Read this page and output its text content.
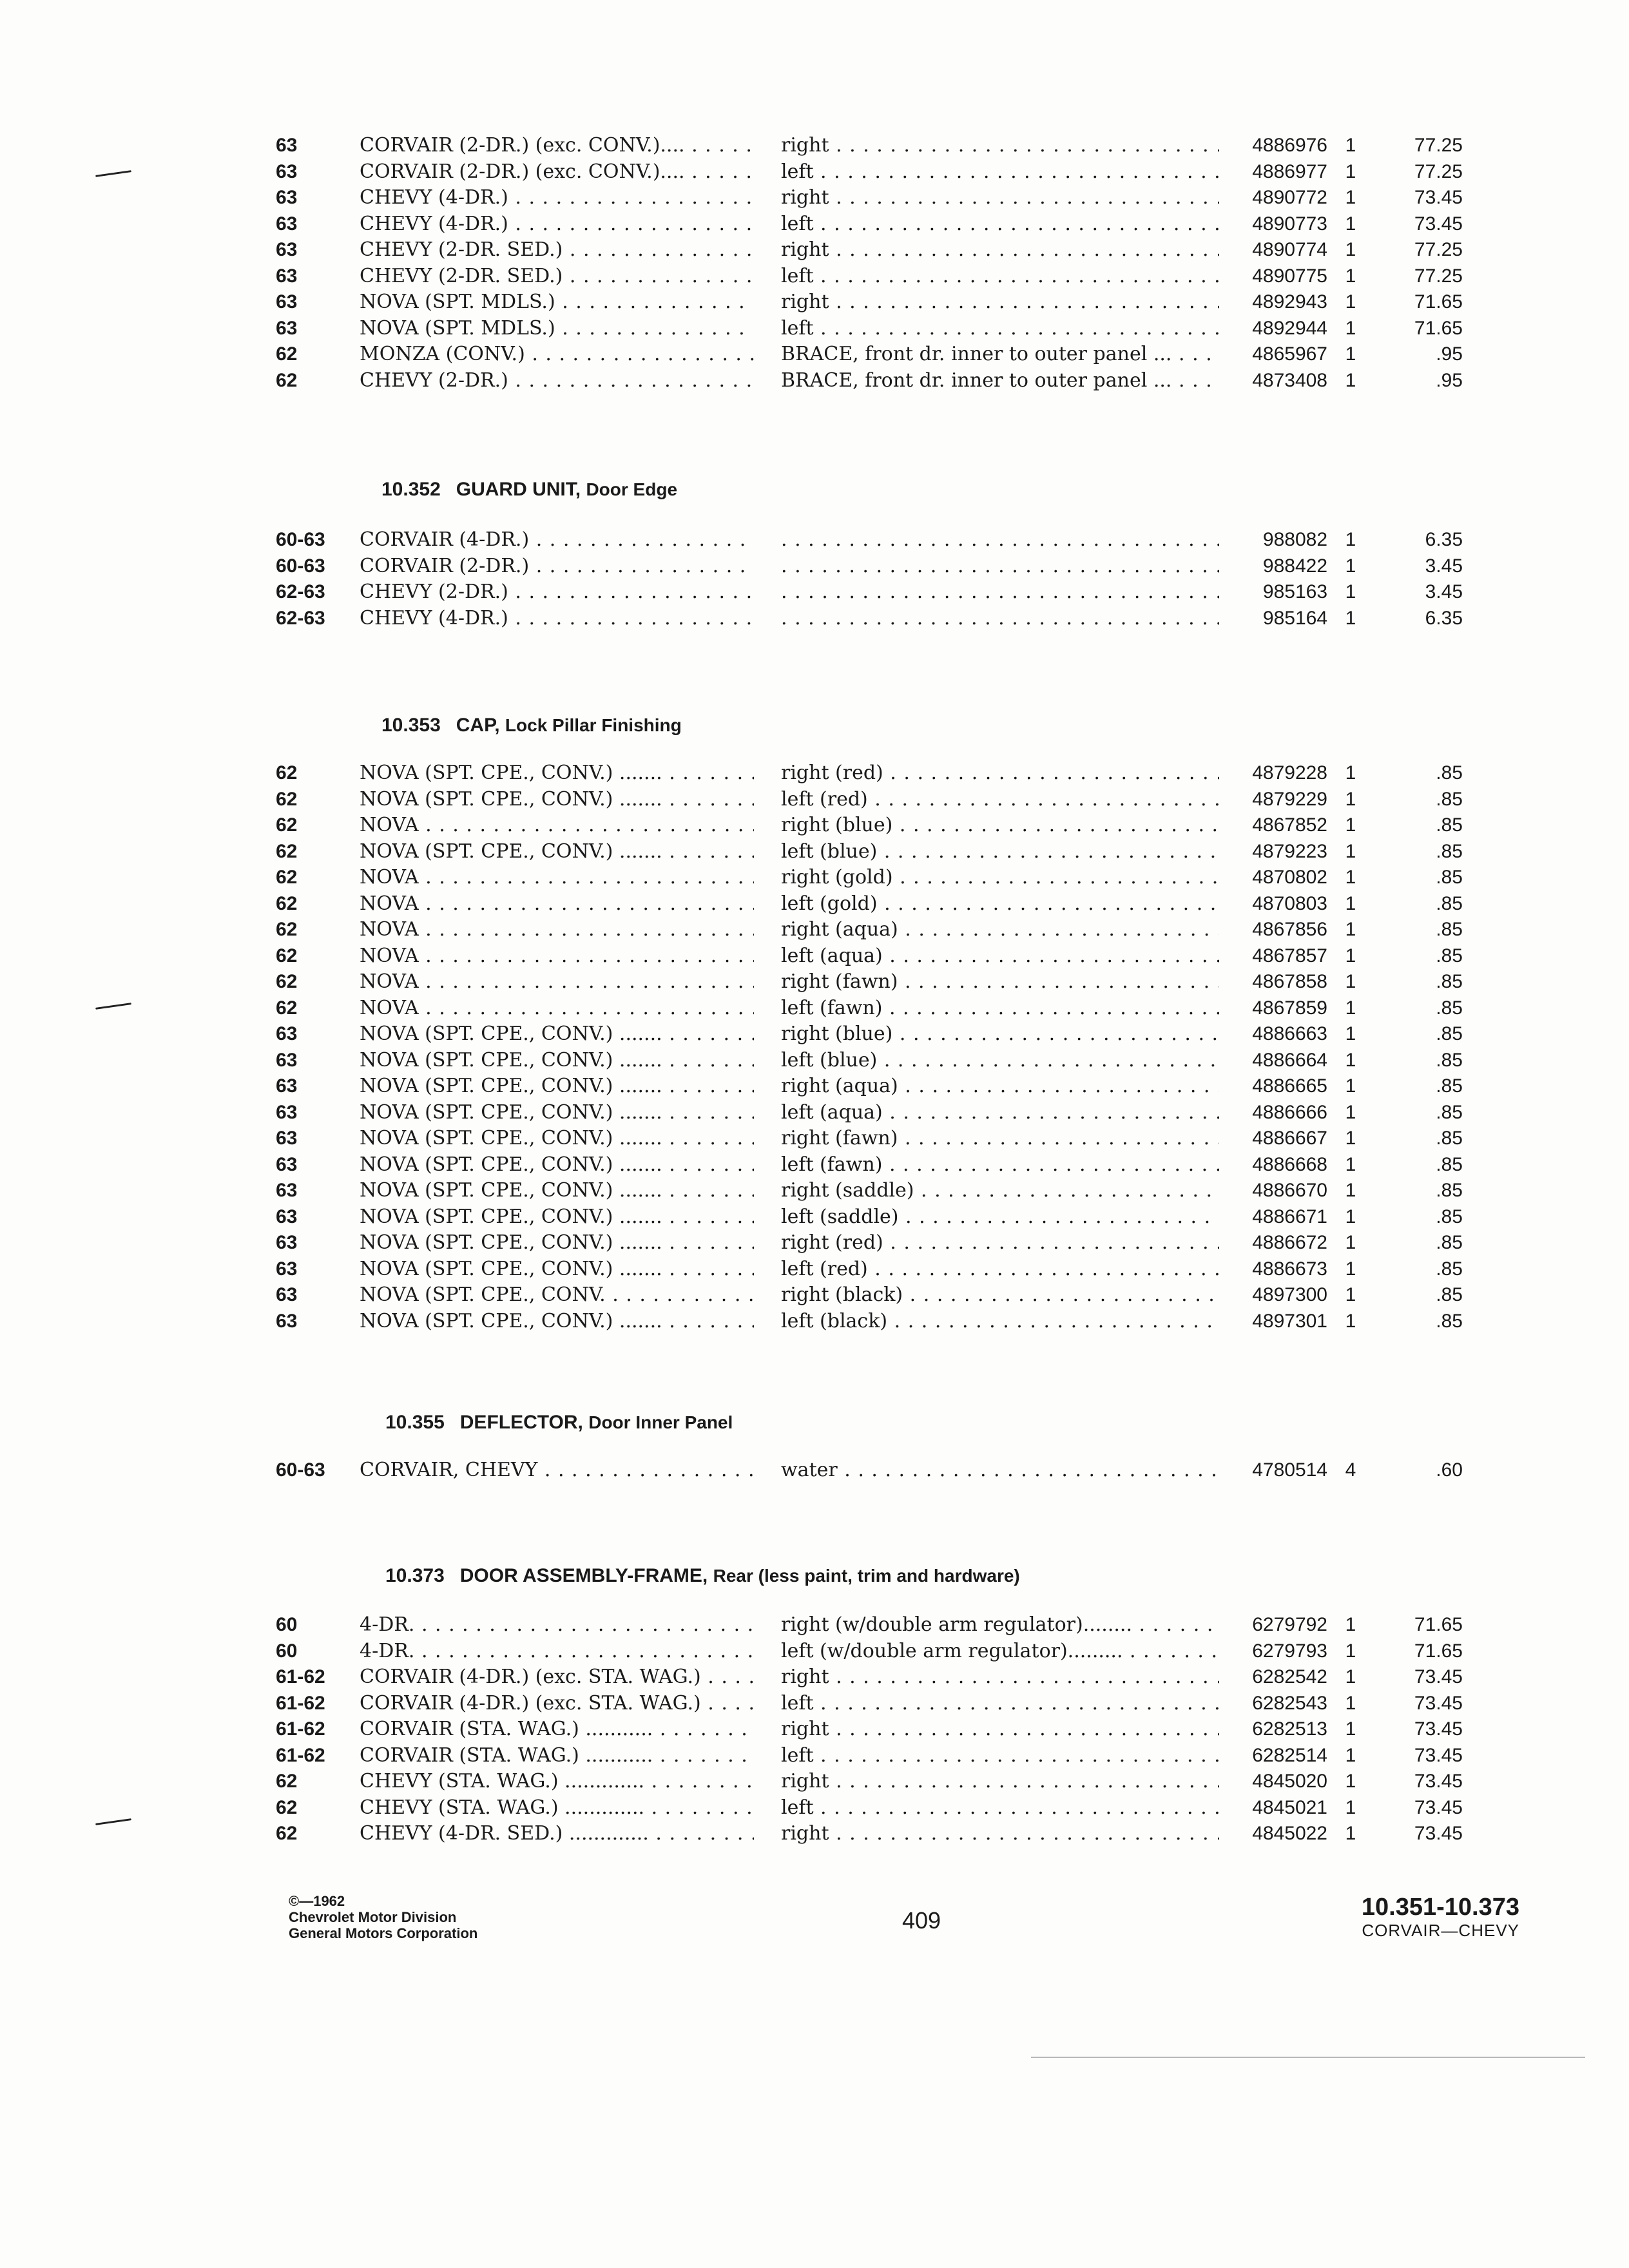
63	CORVAIR (2-DR.) (exc. CONV.).... . . .	right . . .	4886976 1	77.25
63	CORVAIR (2-DR.) (exc. CONV.).... . . .	left . . .	4886977 1	77.25
63	CHEVY (4-DR.) . . .	right . . .	4890772 1	73.45
63	CHEVY (4-DR.) . . .	left . . .	4890773 1	73.45
63	CHEVY (2-DR. SED.) . . .	right . . .	4890774 1	77.25
63	CHEVY (2-DR. SED.) . . .	left . . .	4890775 1	77.25
63	NOVA (SPT. MDLS.) . . .	right . . .	4892943 1	71.65
63	NOVA (SPT. MDLS.) . . .	left . . .	4892944 1	71.65
62	MONZA (CONV.) . . .	BRACE, front dr. inner to outer panel ... . . .	4865967 1	.95
62	CHEVY (2-DR.) . . .	BRACE, front dr. inner to outer panel ... . . .	4873408 1	.95
10.352 GUARD UNIT, Door Edge
60-63	CORVAIR (4-DR.) . . . . . .	988082 1	6.35
60-63	CORVAIR (2-DR.) . . . . . .	988422 1	3.45
62-63	CHEVY (2-DR.) . . . . . .	985163 1	3.45
62-63	CHEVY (4-DR.) . . . . . .	985164 1	6.35
10.353 CAP, Lock Pillar Finishing
62	NOVA (SPT. CPE., CONV.) ....... . . .	right (red) . . .	4879228 1	.85
62	NOVA (SPT. CPE., CONV.) ....... . . .	left (red) . . .	4879229 1	.85
62	NOVA . . .	right (blue) . . .	4867852 1	.85
62	NOVA (SPT. CPE., CONV.) ....... . . .	left (blue) . . .	4879223 1	.85
62	NOVA . . .	right (gold) . . .	4870802 1	.85
62	NOVA . . .	left (gold) . . .	4870803 1	.85
62	NOVA . . .	right (aqua) . . .	4867856 1	.85
62	NOVA . . .	left (aqua) . . .	4867857 1	.85
62	NOVA . . .	right (fawn) . . .	4867858 1	.85
62	NOVA . . .	left (fawn) . . .	4867859 1	.85
63	NOVA (SPT. CPE., CONV.) ....... . . .	right (blue) . . .	4886663 1	.85
63	NOVA (SPT. CPE., CONV.) ....... . . .	left (blue) . . .	4886664 1	.85
63	NOVA (SPT. CPE., CONV.) ....... . . .	right (aqua) . . .	4886665 1	.85
63	NOVA (SPT. CPE., CONV.) ....... . . .	left (aqua) . . .	4886666 1	.85
63	NOVA (SPT. CPE., CONV.) ....... . . .	right (fawn) . . .	4886667 1	.85
63	NOVA (SPT. CPE., CONV.) ....... . . .	left (fawn) . . .	4886668 1	.85
63	NOVA (SPT. CPE., CONV.) ....... . . .	right (saddle) . . .	4886670 1	.85
63	NOVA (SPT. CPE., CONV.) ....... . . .	left (saddle) . . .	4886671 1	.85
63	NOVA (SPT. CPE., CONV.) ....... . . .	right (red) . . .	4886672 1	.85
63	NOVA (SPT. CPE., CONV.) ....... . . .	left (red) . . .	4886673 1	.85
63	NOVA (SPT. CPE., CONV. . . .	right (black) . . .	4897300 1	.85
63	NOVA (SPT. CPE., CONV.) ....... . . .	left (black) . . .	4897301 1	.85
10.355 DEFLECTOR, Door Inner Panel
60-63	CORVAIR, CHEVY . . .	water . . .	4780514 4	.60
10.373 DOOR ASSEMBLY-FRAME, Rear (less paint, trim and hardware)
60	4-DR. . . .	right (w/double arm regulator)........ . . .	6279792 1	71.65
60	4-DR. . . .	left (w/double arm regulator)......... . . .	6279793 1	71.65
61-62	CORVAIR (4-DR.) (exc. STA. WAG.) . . .	right . . .	6282542 1	73.45
61-62	CORVAIR (4-DR.) (exc. STA. WAG.) . . .	left . . .	6282543 1	73.45
61-62	CORVAIR (STA. WAG.) ........... . . .	right . . .	6282513 1	73.45
61-62	CORVAIR (STA. WAG.) ........... . . .	left . . .	6282514 1	73.45
62	CHEVY (STA. WAG.) ............. . . .	right . . .	4845020 1	73.45
62	CHEVY (STA. WAG.) ............. . . .	left . . .	4845021 1	73.45
62	CHEVY (4-DR. SED.) ............. . . .	right . . .	4845022 1	73.45
©—1962
Chevrolet Motor Division
General Motors Corporation	409	10.351-10.373
CORVAIR—CHEVY
